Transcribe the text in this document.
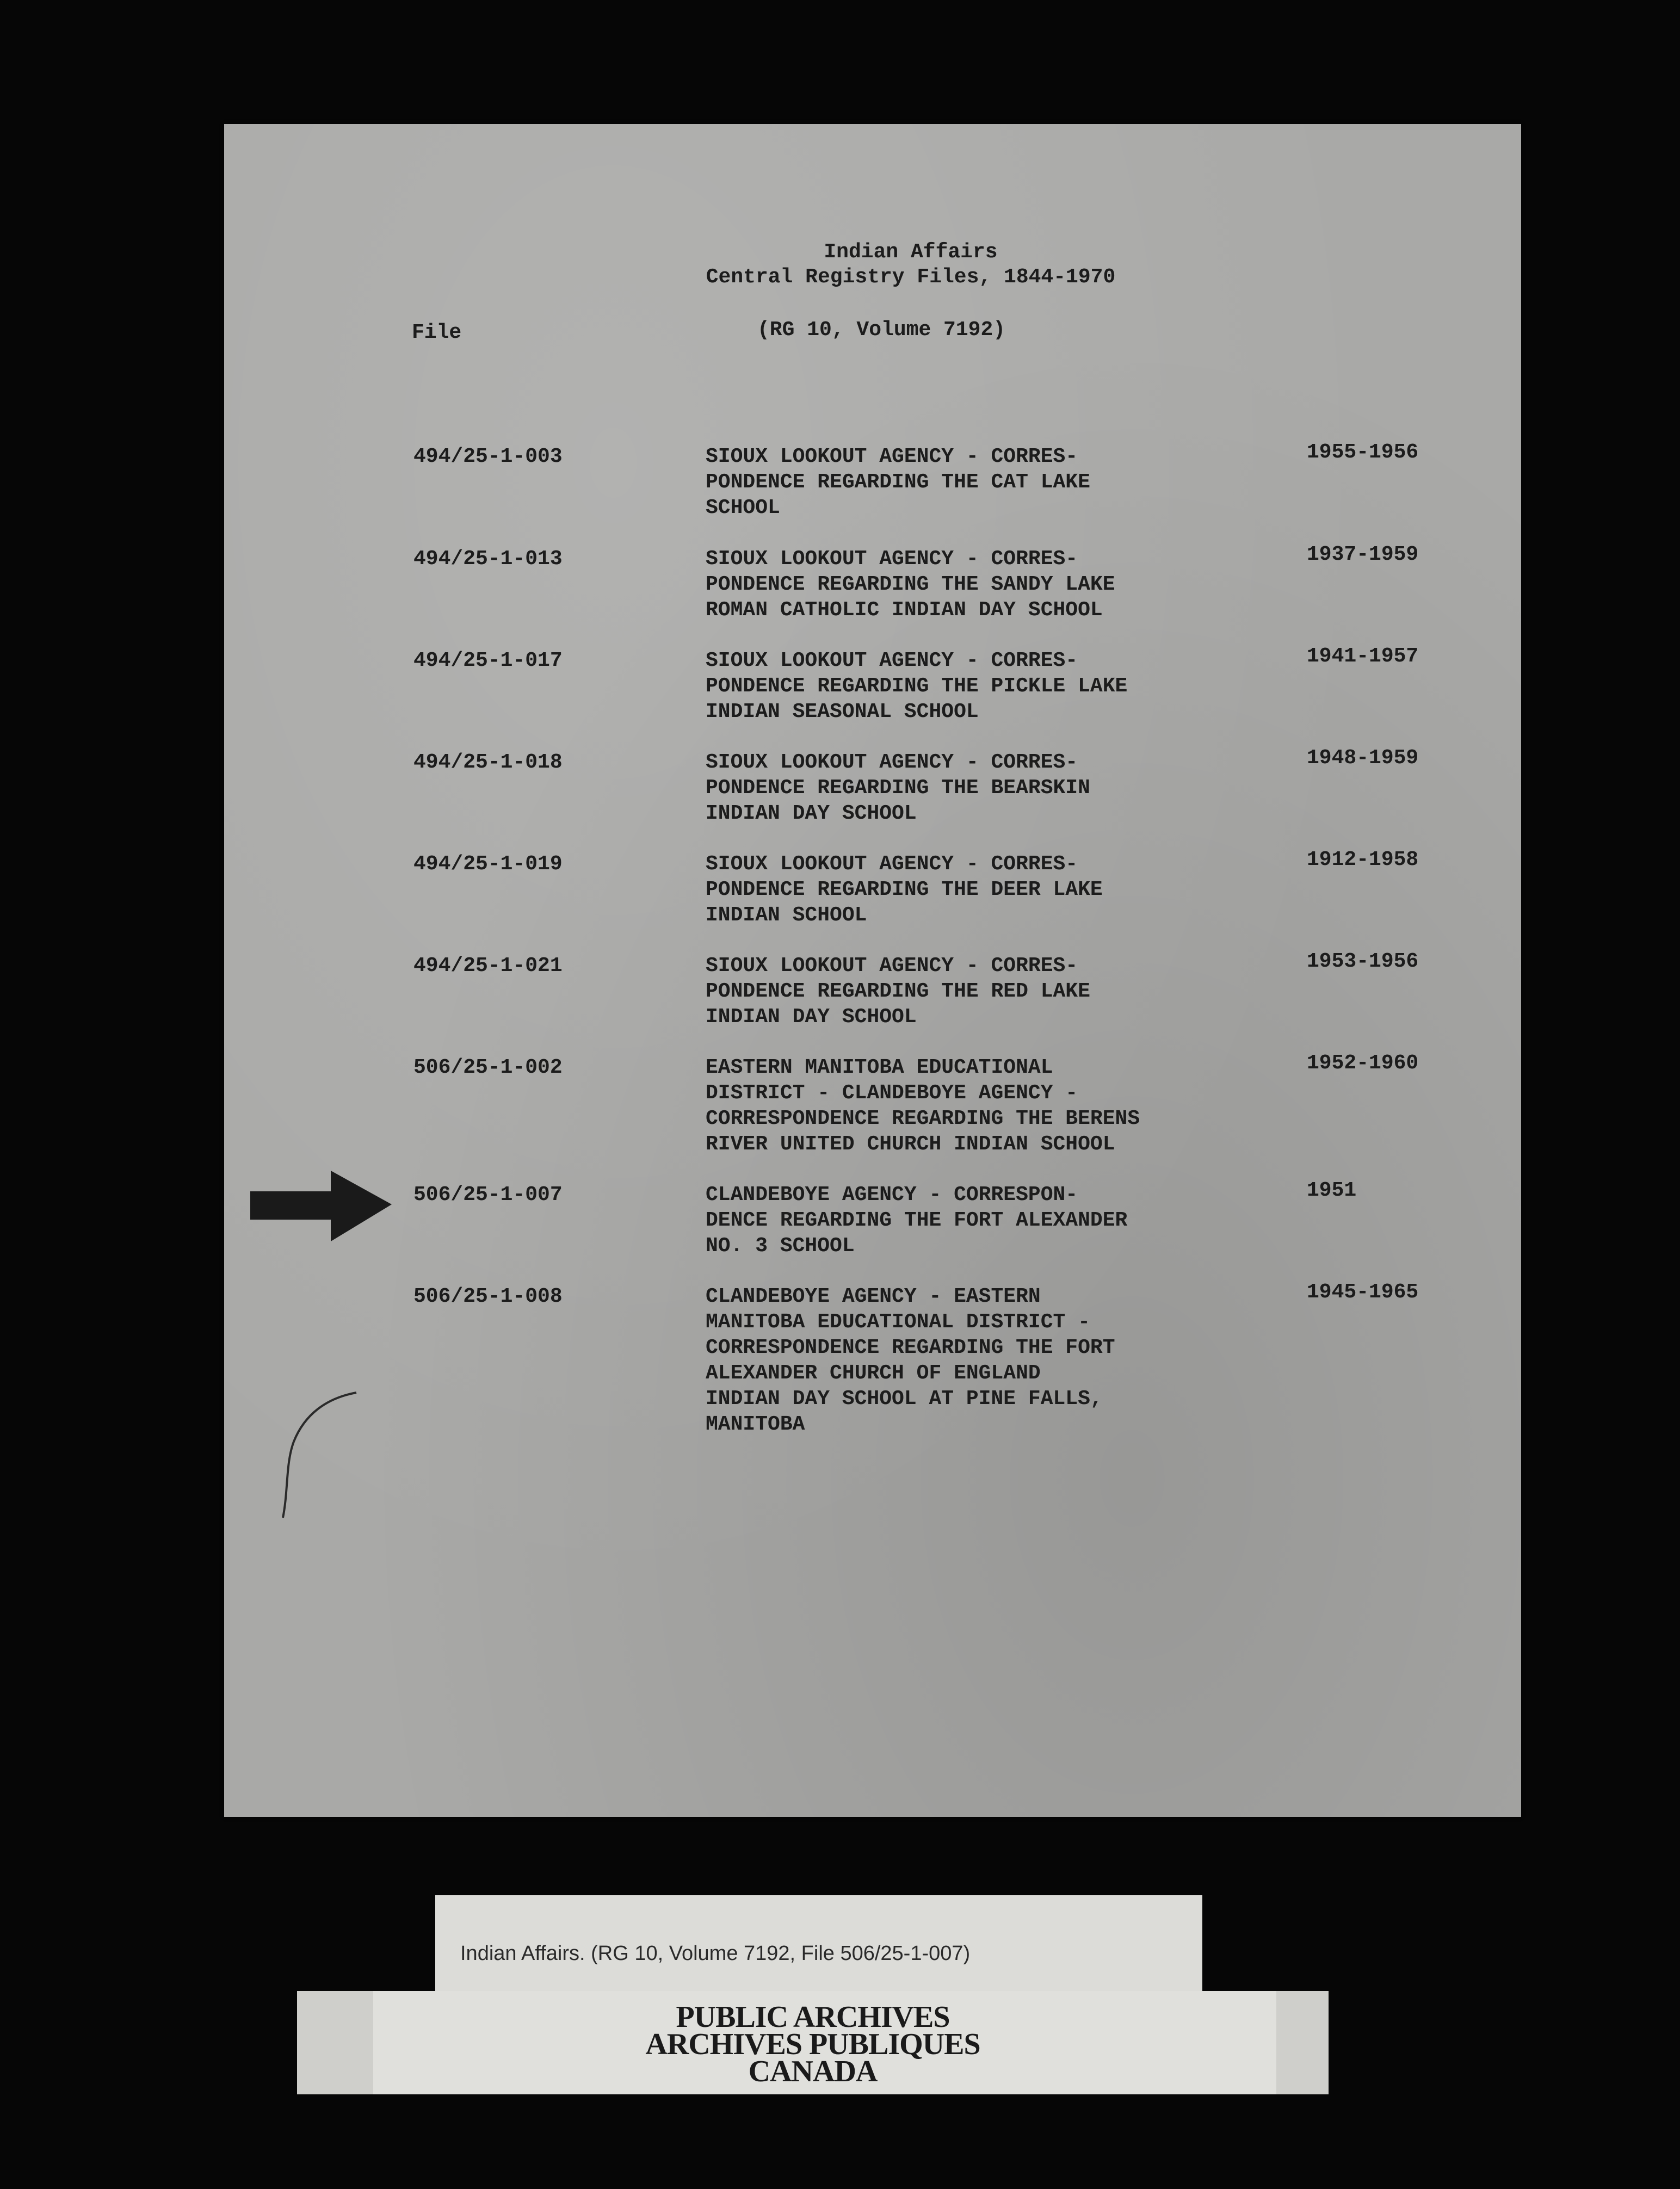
Indian Affairs
Central Registry Files, 1844-1970
File	(RG 10, Volume 7192)
494/25-1-003	SIOUX LOOKOUT AGENCY - CORRES-
PONDENCE REGARDING THE CAT LAKE
SCHOOL
1955-1956
494/25-1-013	SIOUX LOOKOUT AGENCY - CORRES-
PONDENCE REGARDING THE SANDY LAKE
ROMAN CATHOLIC INDIAN DAY SCHOOL
1937-1959
494/25-1-017	SIOUX LOOKOUT AGENCY - CORRES-
PONDENCE REGARDING THE PICKLE LAKE
INDIAN SEASONAL SCHOOL
1941-1957
494/25-1-018	SIOUX LOOKOUT AGENCY - CORRES-
PONDENCE REGARDING THE BEARSKIN
INDIAN DAY SCHOOL
1948-1959
494/25-1-019	SIOUX LOOKOUT AGENCY - CORRES-
PONDENCE REGARDING THE DEER LAKE
INDIAN SCHOOL
1912-1958
494/25-1-021	SIOUX LOOKOUT AGENCY - CORRES-
PONDENCE REGARDING THE RED LAKE
INDIAN DAY SCHOOL
1953-1956
506/25-1-002	EASTERN MANITOBA EDUCATIONAL
DISTRICT - CLANDEBOYE AGENCY -
CORRESPONDENCE REGARDING THE BERENS
RIVER UNITED CHURCH INDIAN SCHOOL
1952-1960
506/25-1-007	CLANDEBOYE AGENCY - CORRESPON-
DENCE REGARDING THE FORT ALEXANDER
NO. 3 SCHOOL
1951
506/25-1-008	CLANDEBOYE AGENCY - EASTERN
MANITOBA EDUCATIONAL DISTRICT -
CORRESPONDENCE REGARDING THE FORT
ALEXANDER CHURCH OF ENGLAND
INDIAN DAY SCHOOL AT PINE FALLS,
MANITOBA
1945-1965
Indian Affairs. (RG 10, Volume 7192, File 506/25-1-007)
PUBLIC ARCHIVES
ARCHIVES PUBLIQUES
CANADA
